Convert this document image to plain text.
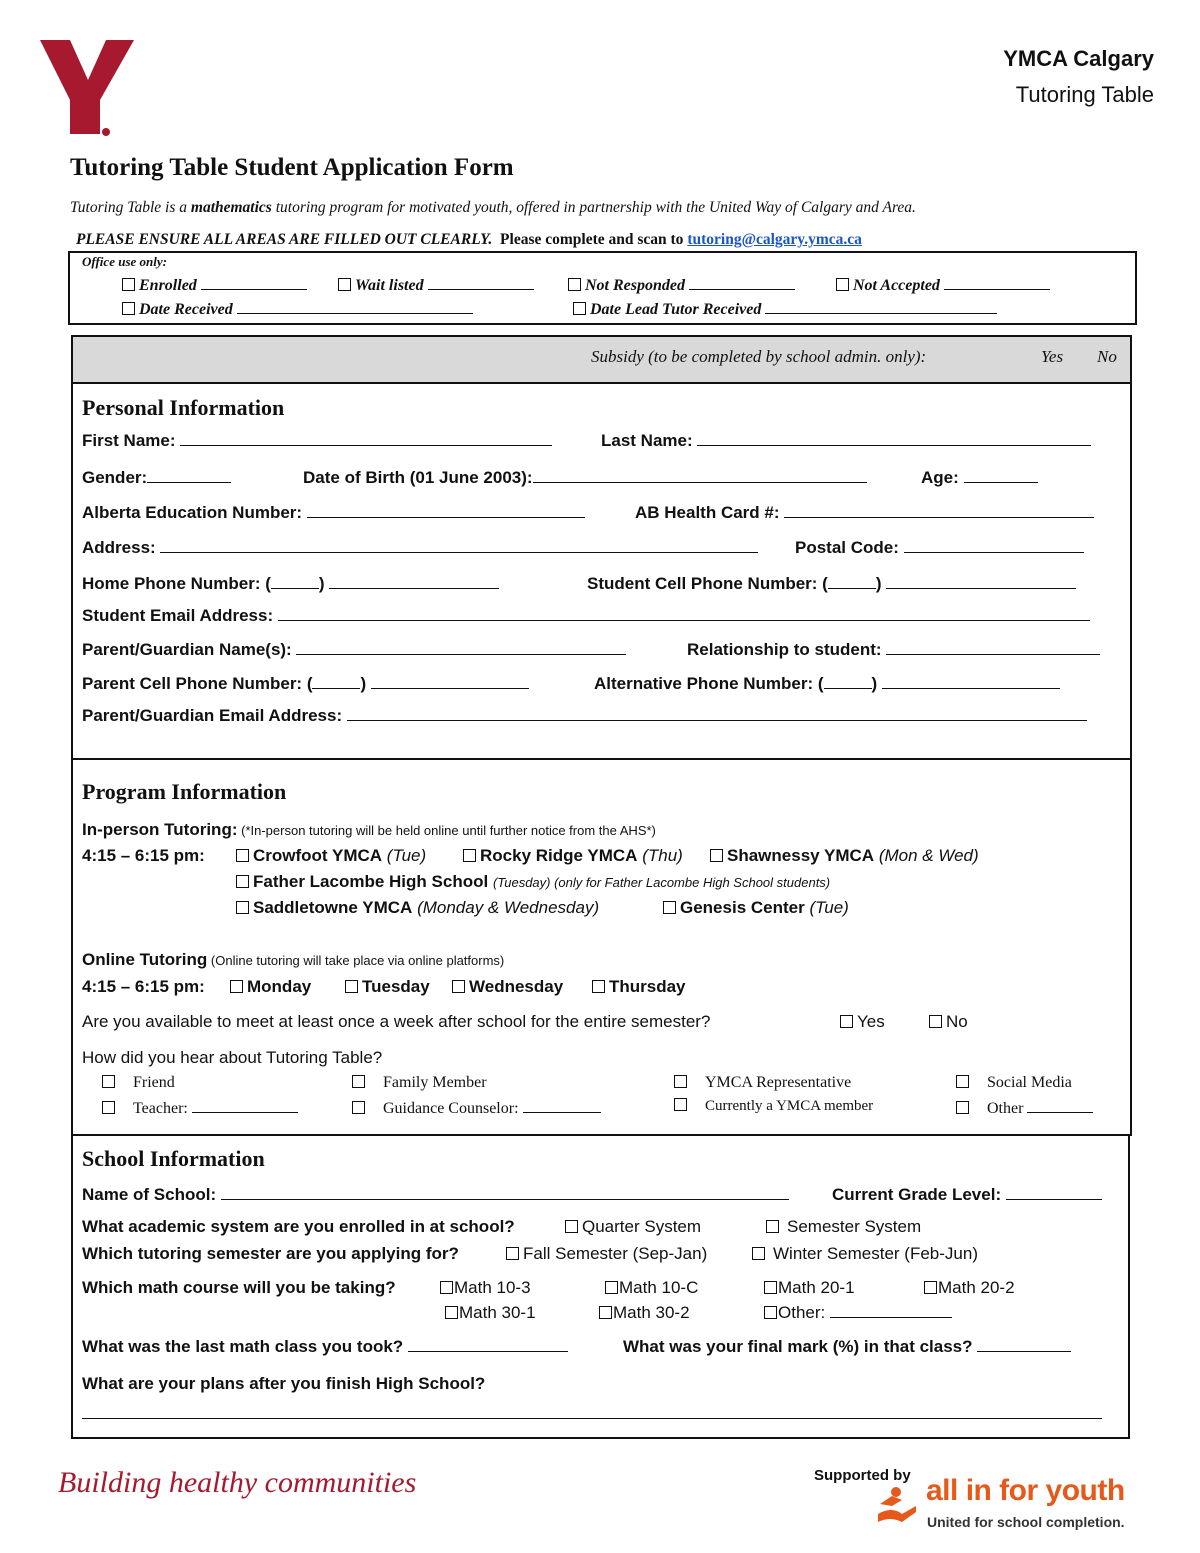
YMCA Calgary
Tutoring Table
Tutoring Table Student Application Form
Tutoring Table is a mathematics tutoring program for motivated youth, offered in partnership with the United Way of Calgary and Area.
PLEASE ENSURE ALL AREAS ARE FILLED OUT CLEARLY. Please complete and scan to tutoring@calgary.ymca.ca
Office use only:
Enrolled	Wait listed	Not Responded	Not Accepted
Date Received	Date Lead Tutor Received
Subsidy (to be completed by school admin. only):	Yes No
Personal Information
First Name:	Last Name:
Gender:	Date of Birth (01 June 2003):	Age:
Alberta Education Number:	AB Health Card #:
Address:	Postal Code:
Home Phone Number: (	)	Student Cell Phone Number: (	)
Student Email Address:
Parent/Guardian Name(s):	Relationship to student:
Parent Cell Phone Number: (	)	Alternative Phone Number: (	)
Parent/Guardian Email Address:
Program Information
In-person Tutoring: (*In-person tutoring will be held online until further notice from the AHS*)
4:15 – 6:15 pm:	Crowfoot YMCA (Tue)	Rocky Ridge YMCA (Thu)	Shawnessy YMCA (Mon & Wed)
Father Lacombe High School (Tuesday) (only for Father Lacombe High School students)
Saddletowne YMCA (Monday & Wednesday)	Genesis Center (Tue)
Online Tutoring (Online tutoring will take place via online platforms)
4:15 – 6:15 pm:	Monday	Tuesday	Wednesday	Thursday
Are you available to meet at least once a week after school for the entire semester?	Yes	No
How did you hear about Tutoring Table?
Friend	Family Member	YMCA Representative	Social Media
Teacher:	Guidance Counselor:	Currently a YMCA member	Other
School Information
Name of School:	Current Grade Level:
What academic system are you enrolled in at school?	Quarter System	Semester System
Which tutoring semester are you applying for?	Fall Semester (Sep-Jan)	Winter Semester (Feb-Jun)
Which math course will you be taking?	Math 10-3	Math 10-C	Math 20-1	Math 20-2
Math 30-1	Math 30-2	Other:
What was the last math class you took?	What was your final mark (%) in that class?
What are your plans after you finish High School?
Building healthy communities	Supported by all in for youth
United for school completion.
